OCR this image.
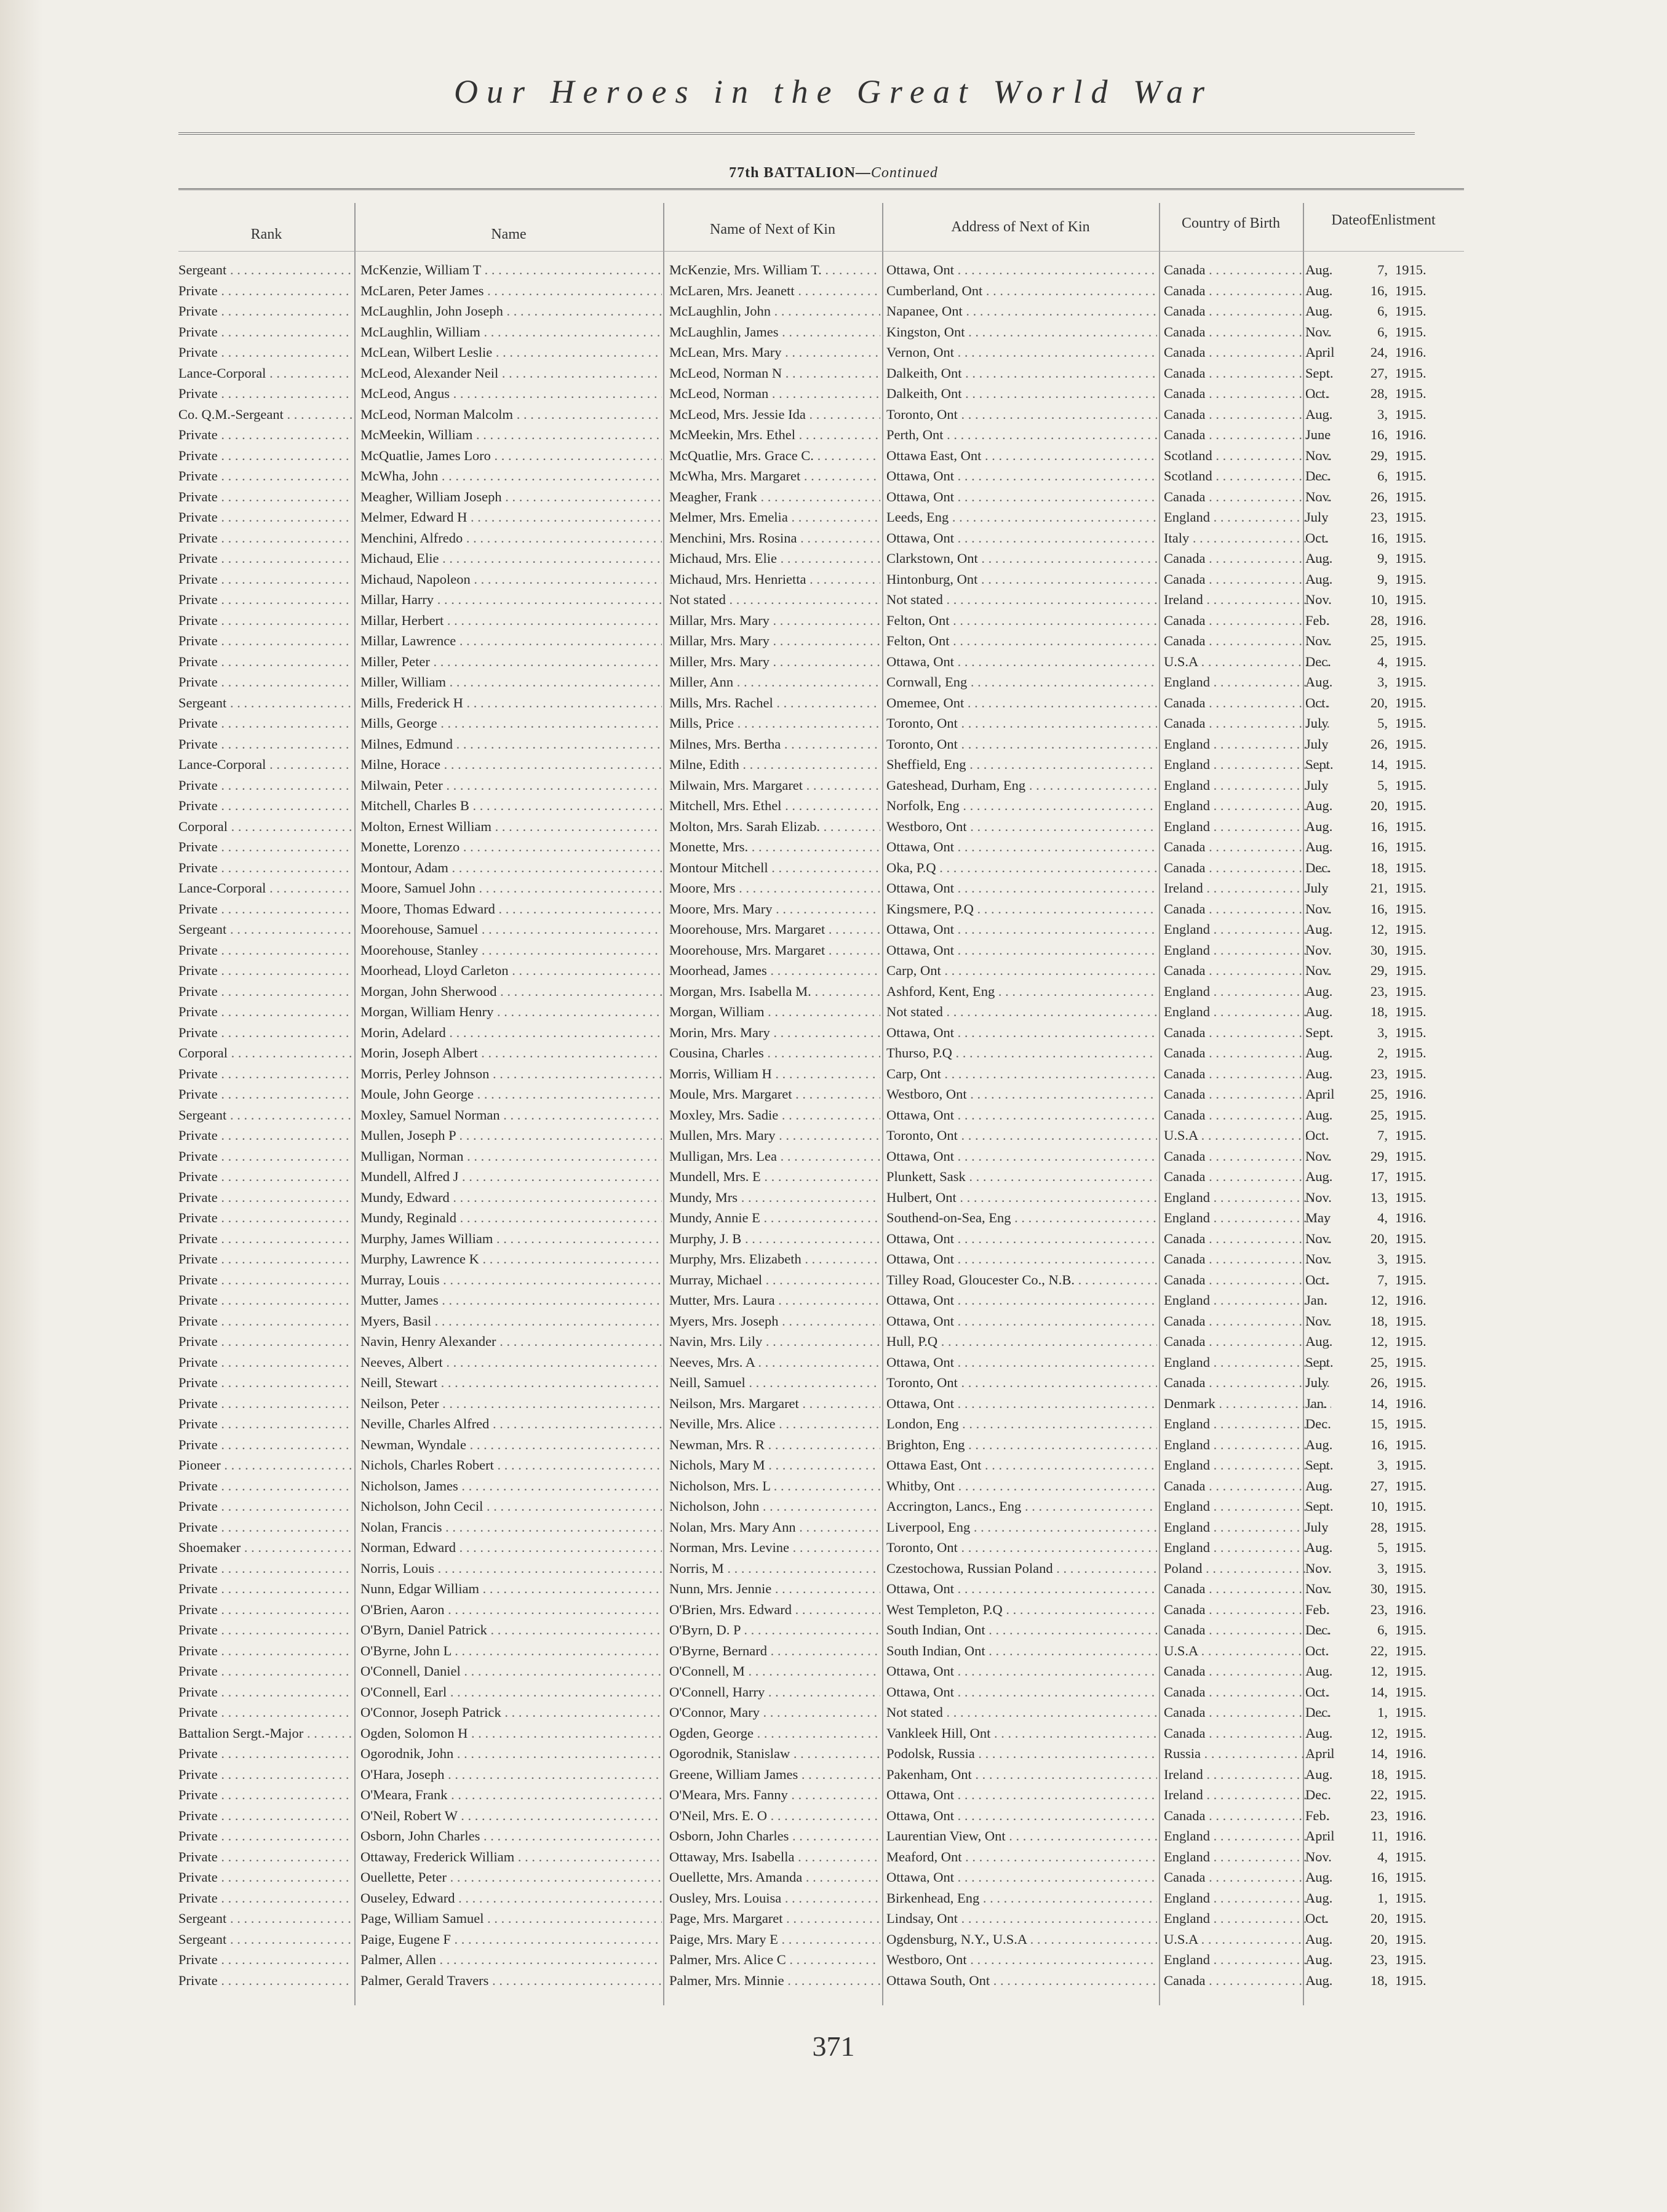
Our Heroes in the Great World War
77th BATTALION—Continued
Rank	Name	Name of Next of Kin	Address of Next of Kin	Country of Birth	DateofEnlistment
Sergeant . . .	McKenzie, William T . . .	McKenzie, Mrs. William T. . . .	Ottawa, Ont . . .	Canada . . .	Aug.	7, 1915.
Private . . .	McLaren, Peter James . . .	McLaren, Mrs. Jeanett . . .	Cumberland, Ont . . .	Canada . . .	Aug.	16, 1915.
Private . . .	McLaughlin, John Joseph . . .	McLaughlin, John . . .	Napanee, Ont . . .	Canada . . .	Aug.	6, 1915.
Private . . .	McLaughlin, William . . .	McLaughlin, James . . .	Kingston, Ont . . .	Canada . . .	Nov.	6, 1915.
Private . . .	McLean, Wilbert Leslie . . .	McLean, Mrs. Mary . . .	Vernon, Ont . . .	Canada . . .	April	24, 1916.
Lance-Corporal . . .	McLeod, Alexander Neil . . .	McLeod, Norman N . . .	Dalkeith, Ont . . .	Canada . . .	Sept.	27, 1915.
Private . . .	McLeod, Angus . . .	McLeod, Norman . . .	Dalkeith, Ont . . .	Canada . . .	Oct.	28, 1915.
Co. Q.M.-Sergeant . . .	McLeod, Norman Malcolm . . .	McLeod, Mrs. Jessie Ida . . .	Toronto, Ont . . .	Canada . . .	Aug.	3, 1915.
Private . . .	McMeekin, William . . .	McMeekin, Mrs. Ethel . . .	Perth, Ont . . .	Canada . . .	June	16, 1916.
Private . . .	McQuatlie, James Loro . . .	McQuatlie, Mrs. Grace C. . . .	Ottawa East, Ont . . .	Scotland . . .	Nov.	29, 1915.
Private . . .	McWha, John . . .	McWha, Mrs. Margaret . . .	Ottawa, Ont . . .	Scotland . . .	Dec.	6, 1915.
Private . . .	Meagher, William Joseph . . .	Meagher, Frank . . .	Ottawa, Ont . . .	Canada . . .	Nov.	26, 1915.
Private . . .	Melmer, Edward H . . .	Melmer, Mrs. Emelia . . .	Leeds, Eng . . .	England . . .	July	23, 1915.
Private . . .	Menchini, Alfredo . . .	Menchini, Mrs. Rosina . . .	Ottawa, Ont . . .	Italy . . .	Oct.	16, 1915.
Private . . .	Michaud, Elie . . .	Michaud, Mrs. Elie . . .	Clarkstown, Ont . . .	Canada . . .	Aug.	9, 1915.
Private . . .	Michaud, Napoleon . . .	Michaud, Mrs. Henrietta . . .	Hintonburg, Ont . . .	Canada . . .	Aug.	9, 1915.
Private . . .	Millar, Harry . . .	Not stated . . .	Not stated . . .	Ireland . . .	Nov.	10, 1915.
Private . . .	Millar, Herbert . . .	Millar, Mrs. Mary . . .	Felton, Ont . . .	Canada . . .	Feb.	28, 1916.
Private . . .	Millar, Lawrence . . .	Millar, Mrs. Mary . . .	Felton, Ont . . .	Canada . . .	Nov.	25, 1915.
Private . . .	Miller, Peter . . .	Miller, Mrs. Mary . . .	Ottawa, Ont . . .	U.S.A . . .	Dec.	4, 1915.
Private . . .	Miller, William . . .	Miller, Ann . . .	Cornwall, Eng . . .	England . . .	Aug.	3, 1915.
Sergeant . . .	Mills, Frederick H . . .	Mills, Mrs. Rachel . . .	Omemee, Ont . . .	Canada . . .	Oct.	20, 1915.
Private . . .	Mills, George . . .	Mills, Price . . .	Toronto, Ont . . .	Canada . . .	July	5, 1915.
Private . . .	Milnes, Edmund . . .	Milnes, Mrs. Bertha . . .	Toronto, Ont . . .	England . . .	July	26, 1915.
Lance-Corporal . . .	Milne, Horace . . .	Milne, Edith . . .	Sheffield, Eng . . .	England . . .	Sept.	14, 1915.
Private . . .	Milwain, Peter . . .	Milwain, Mrs. Margaret . . .	Gateshead, Durham, Eng . . .	England . . .	July	5, 1915.
Private . . .	Mitchell, Charles B . . .	Mitchell, Mrs. Ethel . . .	Norfolk, Eng . . .	England . . .	Aug.	20, 1915.
Corporal . . .	Molton, Ernest William . . .	Molton, Mrs. Sarah Elizab. . . .	Westboro, Ont . . .	England . . .	Aug.	16, 1915.
Private . . .	Monette, Lorenzo . . .	Monette, Mrs. . . .	Ottawa, Ont . . .	Canada . . .	Aug.	16, 1915.
Private . . .	Montour, Adam . . .	Montour Mitchell . . .	Oka, P.Q . . .	Canada . . .	Dec.	18, 1915.
Lance-Corporal . . .	Moore, Samuel John . . .	Moore, Mrs . . .	Ottawa, Ont . . .	Ireland . . .	July	21, 1915.
Private . . .	Moore, Thomas Edward . . .	Moore, Mrs. Mary . . .	Kingsmere, P.Q . . .	Canada . . .	Nov.	16, 1915.
Sergeant . . .	Moorehouse, Samuel . . .	Moorehouse, Mrs. Margaret . . .	Ottawa, Ont . . .	England . . .	Aug.	12, 1915.
Private . . .	Moorehouse, Stanley . . .	Moorehouse, Mrs. Margaret . . .	Ottawa, Ont . . .	England . . .	Nov.	30, 1915.
Private . . .	Moorhead, Lloyd Carleton . . .	Moorhead, James . . .	Carp, Ont . . .	Canada . . .	Nov.	29, 1915.
Private . . .	Morgan, John Sherwood . . .	Morgan, Mrs. Isabella M. . . .	Ashford, Kent, Eng . . .	England . . .	Aug.	23, 1915.
Private . . .	Morgan, William Henry . . .	Morgan, William . . .	Not stated . . .	England . . .	Aug.	18, 1915.
Private . . .	Morin, Adelard . . .	Morin, Mrs. Mary . . .	Ottawa, Ont . . .	Canada . . .	Sept.	3, 1915.
Corporal . . .	Morin, Joseph Albert . . .	Cousina, Charles . . .	Thurso, P.Q . . .	Canada . . .	Aug.	2, 1915.
Private . . .	Morris, Perley Johnson . . .	Morris, William H . . .	Carp, Ont . . .	Canada . . .	Aug.	23, 1915.
Private . . .	Moule, John George . . .	Moule, Mrs. Margaret . . .	Westboro, Ont . . .	Canada . . .	April	25, 1916.
Sergeant . . .	Moxley, Samuel Norman . . .	Moxley, Mrs. Sadie . . .	Ottawa, Ont . . .	Canada . . .	Aug.	25, 1915.
Private . . .	Mullen, Joseph P . . .	Mullen, Mrs. Mary . . .	Toronto, Ont . . .	U.S.A . . .	Oct.	7, 1915.
Private . . .	Mulligan, Norman . . .	Mulligan, Mrs. Lea . . .	Ottawa, Ont . . .	Canada . . .	Nov.	29, 1915.
Private . . .	Mundell, Alfred J . . .	Mundell, Mrs. E . . .	Plunkett, Sask . . .	Canada . . .	Aug.	17, 1915.
Private . . .	Mundy, Edward . . .	Mundy, Mrs . . .	Hulbert, Ont . . .	England . . .	Nov.	13, 1915.
Private . . .	Mundy, Reginald . . .	Mundy, Annie E . . .	Southend-on-Sea, Eng . . .	England . . .	May	4, 1916.
Private . . .	Murphy, James William . . .	Murphy, J. B . . .	Ottawa, Ont . . .	Canada . . .	Nov.	20, 1915.
Private . . .	Murphy, Lawrence K . . .	Murphy, Mrs. Elizabeth . . .	Ottawa, Ont . . .	Canada . . .	Nov.	3, 1915.
Private . . .	Murray, Louis . . .	Murray, Michael . . .	Tilley Road, Gloucester Co., N.B. . . .	Canada . . .	Oct.	7, 1915.
Private . . .	Mutter, James . . .	Mutter, Mrs. Laura . . .	Ottawa, Ont . . .	England . . .	Jan.	12, 1916.
Private . . .	Myers, Basil . . .	Myers, Mrs. Joseph . . .	Ottawa, Ont . . .	Canada . . .	Nov.	18, 1915.
Private . . .	Navin, Henry Alexander . . .	Navin, Mrs. Lily . . .	Hull, P.Q . . .	Canada . . .	Aug.	12, 1915.
Private . . .	Neeves, Albert . . .	Neeves, Mrs. A . . .	Ottawa, Ont . . .	England . . .	Sept.	25, 1915.
Private . . .	Neill, Stewart . . .	Neill, Samuel . . .	Toronto, Ont . . .	Canada . . .	July	26, 1915.
Private . . .	Neilson, Peter . . .	Neilson, Mrs. Margaret . . .	Ottawa, Ont . . .	Denmark . . .	Jan.	14, 1916.
Private . . .	Neville, Charles Alfred . . .	Neville, Mrs. Alice . . .	London, Eng . . .	England . . .	Dec.	15, 1915.
Private . . .	Newman, Wyndale . . .	Newman, Mrs. R . . .	Brighton, Eng . . .	England . . .	Aug.	16, 1915.
Pioneer . . .	Nichols, Charles Robert . . .	Nichols, Mary M . . .	Ottawa East, Ont . . .	England . . .	Sept.	3, 1915.
Private . . .	Nicholson, James . . .	Nicholson, Mrs. L . . .	Whitby, Ont . . .	Canada . . .	Aug.	27, 1915.
Private . . .	Nicholson, John Cecil . . .	Nicholson, John . . .	Accrington, Lancs., Eng . . .	England . . .	Sept.	10, 1915.
Private . . .	Nolan, Francis . . .	Nolan, Mrs. Mary Ann . . .	Liverpool, Eng . . .	England . . .	July	28, 1915.
Shoemaker . . .	Norman, Edward . . .	Norman, Mrs. Levine . . .	Toronto, Ont . . .	England . . .	Aug.	5, 1915.
Private . . .	Norris, Louis . . .	Norris, M . . .	Czestochowa, Russian Poland . . .	Poland . . .	Nov.	3, 1915.
Private . . .	Nunn, Edgar William . . .	Nunn, Mrs. Jennie . . .	Ottawa, Ont . . .	Canada . . .	Nov.	30, 1915.
Private . . .	O'Brien, Aaron . . .	O'Brien, Mrs. Edward . . .	West Templeton, P.Q . . .	Canada . . .	Feb.	23, 1916.
Private . . .	O'Byrn, Daniel Patrick . . .	O'Byrn, D. P . . .	South Indian, Ont . . .	Canada . . .	Dec.	6, 1915.
Private . . .	O'Byrne, John L . . .	O'Byrne, Bernard . . .	South Indian, Ont . . .	U.S.A . . .	Oct.	22, 1915.
Private . . .	O'Connell, Daniel . . .	O'Connell, M . . .	Ottawa, Ont . . .	Canada . . .	Aug.	12, 1915.
Private . . .	O'Connell, Earl . . .	O'Connell, Harry . . .	Ottawa, Ont . . .	Canada . . .	Oct.	14, 1915.
Private . . .	O'Connor, Joseph Patrick . . .	O'Connor, Mary . . .	Not stated . . .	Canada . . .	Dec.	1, 1915.
Battalion Sergt.-Major . . .	Ogden, Solomon H . . .	Ogden, George . . .	Vankleek Hill, Ont . . .	Canada . . .	Aug.	12, 1915.
Private . . .	Ogorodnik, John . . .	Ogorodnik, Stanislaw . . .	Podolsk, Russia . . .	Russia . . .	April	14, 1916.
Private . . .	O'Hara, Joseph . . .	Greene, William James . . .	Pakenham, Ont . . .	Ireland . . .	Aug.	18, 1915.
Private . . .	O'Meara, Frank . . .	O'Meara, Mrs. Fanny . . .	Ottawa, Ont . . .	Ireland . . .	Dec.	22, 1915.
Private . . .	O'Neil, Robert W . . .	O'Neil, Mrs. E. O . . .	Ottawa, Ont . . .	Canada . . .	Feb.	23, 1916.
Private . . .	Osborn, John Charles . . .	Osborn, John Charles . . .	Laurentian View, Ont . . .	England . . .	April	11, 1916.
Private . . .	Ottaway, Frederick William . . .	Ottaway, Mrs. Isabella . . .	Meaford, Ont . . .	England . . .	Nov.	4, 1915.
Private . . .	Ouellette, Peter . . .	Ouellette, Mrs. Amanda . . .	Ottawa, Ont . . .	Canada . . .	Aug.	16, 1915.
Private . . .	Ouseley, Edward . . .	Ousley, Mrs. Louisa . . .	Birkenhead, Eng . . .	England . . .	Aug.	1, 1915.
Sergeant . . .	Page, William Samuel . . .	Page, Mrs. Margaret . . .	Lindsay, Ont . . .	England . . .	Oct.	20, 1915.
Sergeant . . .	Paige, Eugene F . . .	Paige, Mrs. Mary E . . .	Ogdensburg, N.Y., U.S.A . . .	U.S.A . . .	Aug.	20, 1915.
Private . . .	Palmer, Allen . . .	Palmer, Mrs. Alice C . . .	Westboro, Ont . . .	England . . .	Aug.	23, 1915.
Private . . .	Palmer, Gerald Travers . . .	Palmer, Mrs. Minnie . . .	Ottawa South, Ont . . .	Canada . . .	Aug.	18, 1915.
371
